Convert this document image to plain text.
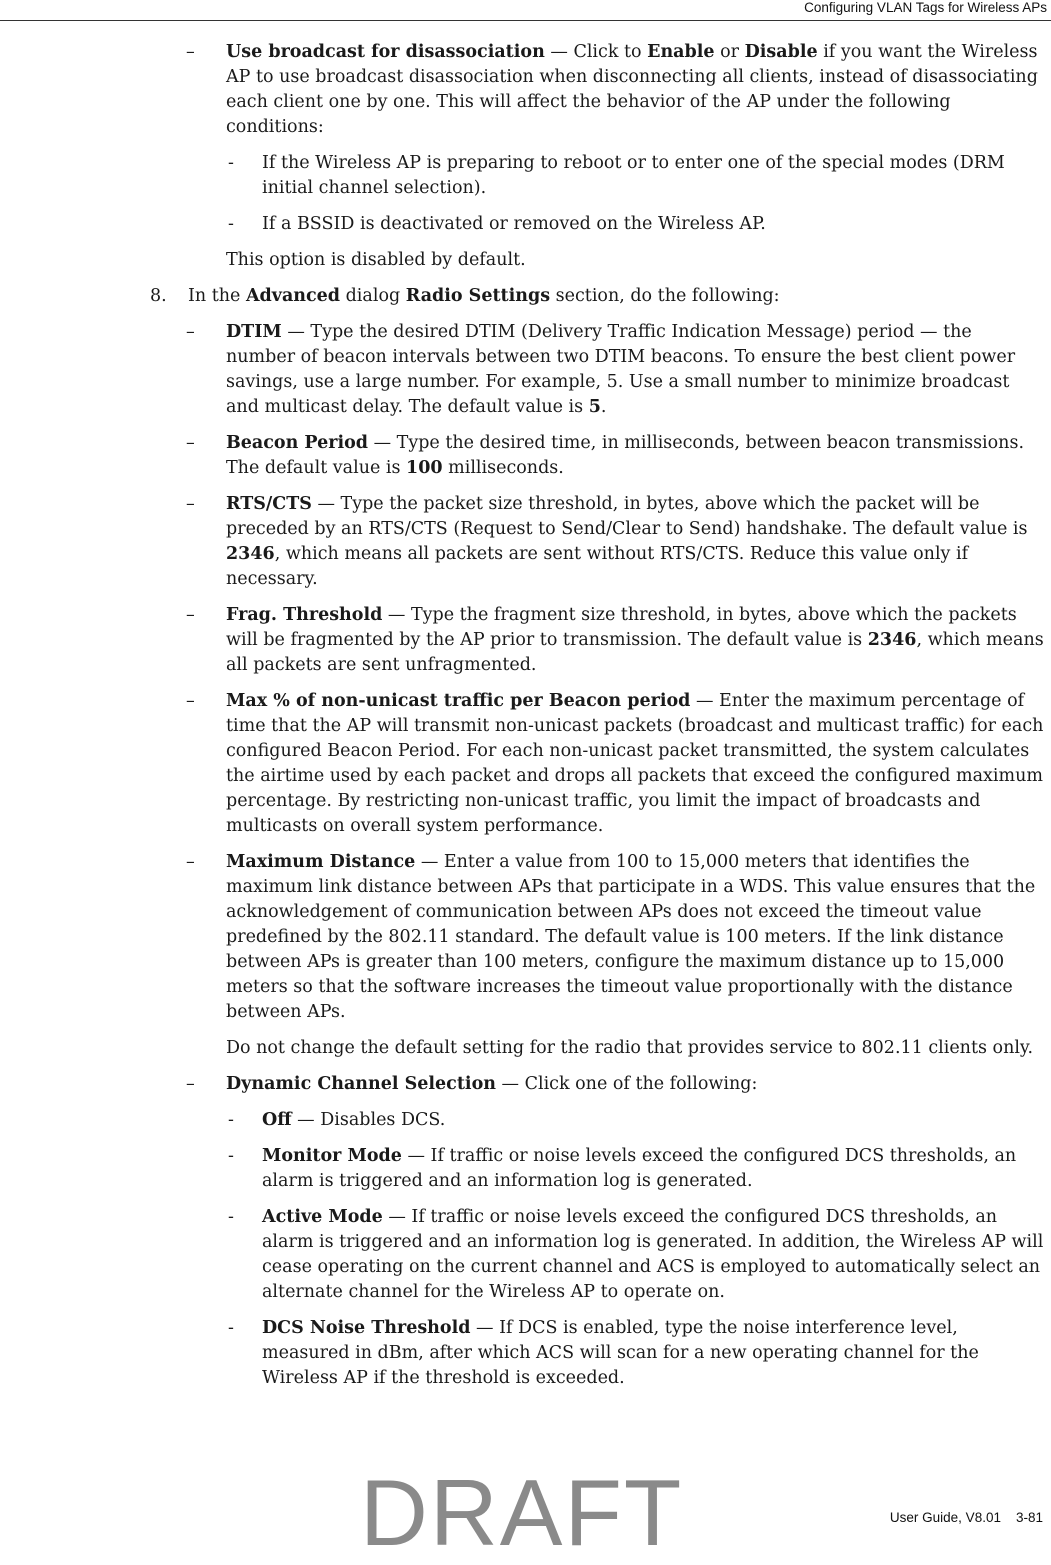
Configuring VLAN Tags for Wireless APs
– Use broadcast for disassociation — Click to Enable or Disable if you want the Wireless AP to use broadcast disassociation when disconnecting all clients, instead of disassociating each client one by one. This will affect the behavior of the AP under the following conditions:
- If the Wireless AP is preparing to reboot or to enter one of the special modes (DRM initial channel selection).
- If a BSSID is deactivated or removed on the Wireless AP.
This option is disabled by default.
8. In the Advanced dialog Radio Settings section, do the following:
– DTIM — Type the desired DTIM (Delivery Traffic Indication Message) period — the number of beacon intervals between two DTIM beacons. To ensure the best client power savings, use a large number. For example, 5. Use a small number to minimize broadcast and multicast delay. The default value is 5.
– Beacon Period — Type the desired time, in milliseconds, between beacon transmissions. The default value is 100 milliseconds.
– RTS/CTS — Type the packet size threshold, in bytes, above which the packet will be preceded by an RTS/CTS (Request to Send/Clear to Send) handshake. The default value is 2346, which means all packets are sent without RTS/CTS. Reduce this value only if necessary.
– Frag. Threshold — Type the fragment size threshold, in bytes, above which the packets will be fragmented by the AP prior to transmission. The default value is 2346, which means all packets are sent unfragmented.
– Max % of non-unicast traffic per Beacon period — Enter the maximum percentage of time that the AP will transmit non-unicast packets (broadcast and multicast traffic) for each configured Beacon Period. For each non-unicast packet transmitted, the system calculates the airtime used by each packet and drops all packets that exceed the configured maximum percentage. By restricting non-unicast traffic, you limit the impact of broadcasts and multicasts on overall system performance.
– Maximum Distance — Enter a value from 100 to 15,000 meters that identifies the maximum link distance between APs that participate in a WDS. This value ensures that the acknowledgement of communication between APs does not exceed the timeout value predefined by the 802.11 standard. The default value is 100 meters. If the link distance between APs is greater than 100 meters, configure the maximum distance up to 15,000 meters so that the software increases the timeout value proportionally with the distance between APs.
Do not change the default setting for the radio that provides service to 802.11 clients only.
– Dynamic Channel Selection — Click one of the following:
- Off — Disables DCS.
- Monitor Mode — If traffic or noise levels exceed the configured DCS thresholds, an alarm is triggered and an information log is generated.
- Active Mode — If traffic or noise levels exceed the configured DCS thresholds, an alarm is triggered and an information log is generated. In addition, the Wireless AP will cease operating on the current channel and ACS is employed to automatically select an alternate channel for the Wireless AP to operate on.
- DCS Noise Threshold — If DCS is enabled, type the noise interference level, measured in dBm, after which ACS will scan for a new operating channel for the Wireless AP if the threshold is exceeded.
User Guide, V8.01    3-81
DRAFT
